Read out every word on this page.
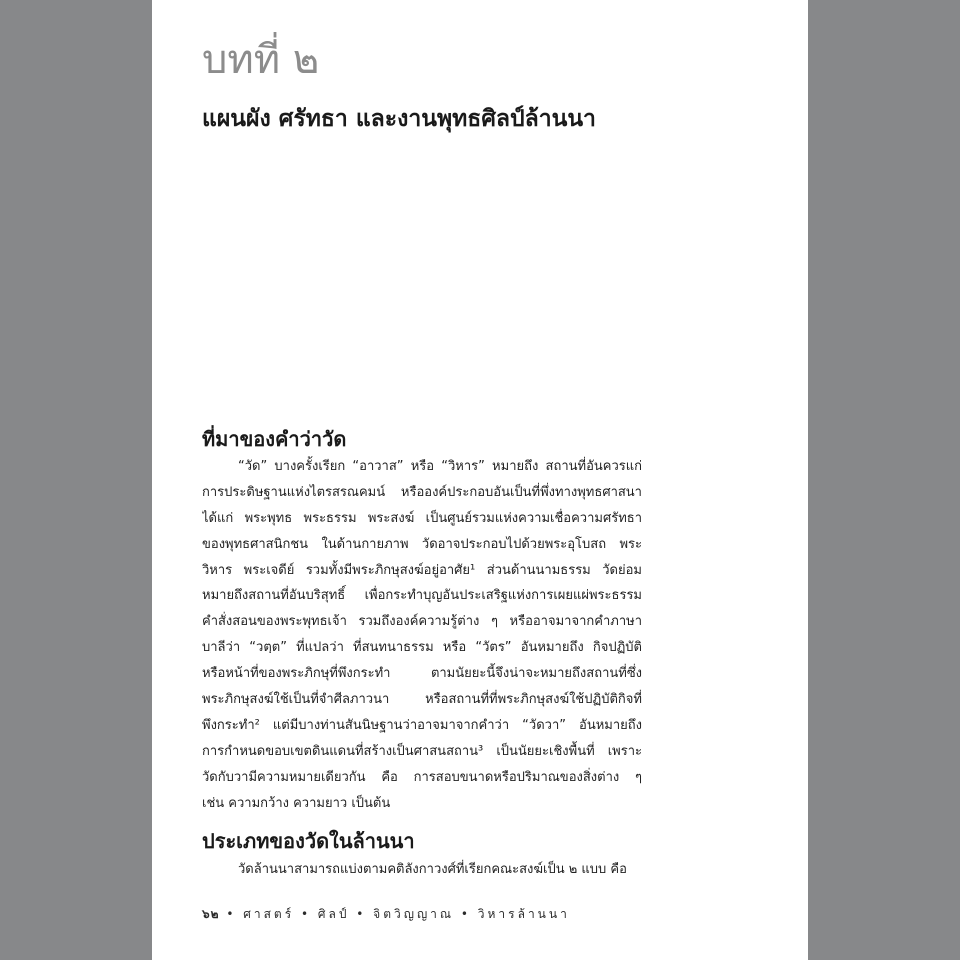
บทที่ ๒
แผนผัง ศรัทธา และงานพุทธศิลป์ล้านนา
ที่มาของคำว่าวัด
“วัด” บางครั้งเรียก “อาวาส” หรือ “วิหาร” หมายถึง สถานที่อันควรแก่
การประดิษฐานแห่งไตรสรณคมน์ หรือองค์ประกอบอันเป็นที่พึ่งทางพุทธศาสนา
ได้แก่ พระพุทธ พระธรรม พระสงฆ์ เป็นศูนย์รวมแห่งความเชื่อความศรัทธา
ของพุทธศาสนิกชน ในด้านกายภาพ วัดอาจประกอบไปด้วยพระอุโบสถ พระ
วิหาร พระเจดีย์ รวมทั้งมีพระภิกษุสงฆ์อยู่อาศัย¹ ส่วนด้านนามธรรม วัดย่อม
หมายถึงสถานที่อันบริสุทธิ์ เพื่อกระทำบุญอันประเสริฐแห่งการเผยแผ่พระธรรม
คำสั่งสอนของพระพุทธเจ้า รวมถึงองค์ความรู้ต่าง ๆ หรืออาจมาจากคำภาษา
บาลีว่า “วตฺต” ที่แปลว่า ที่สนทนาธรรม หรือ “วัตร” อันหมายถึง กิจปฏิบัติ
หรือหน้าที่ของพระภิกษุที่พึงกระทำ ตามนัยยะนี้จึงน่าจะหมายถึงสถานที่ซึ่ง
พระภิกษุสงฆ์ใช้เป็นที่จำศีลภาวนา หรือสถานที่ที่พระภิกษุสงฆ์ใช้ปฏิบัติกิจที่
พึงกระทำ² แต่มีบางท่านสันนิษฐานว่าอาจมาจากคำว่า “วัดวา” อันหมายถึง
การกำหนดขอบเขตดินแดนที่สร้างเป็นศาสนสถาน³ เป็นนัยยะเชิงพื้นที่ เพราะ
วัดกับวามีความหมายเดียวกัน คือ การสอบขนาดหรือปริมาณของสิ่งต่าง ๆ
เช่น ความกว้าง ความยาว เป็นต้น
ประเภทของวัดในล้านนา
วัดล้านนาสามารถแบ่งตามคติลังกาวงศ์ที่เรียกคณะสงฆ์เป็น ๒ แบบ คือ
๖๒ • ศาสตร์ • ศิลป์ • จิตวิญญาณ • วิหารล้านนา
